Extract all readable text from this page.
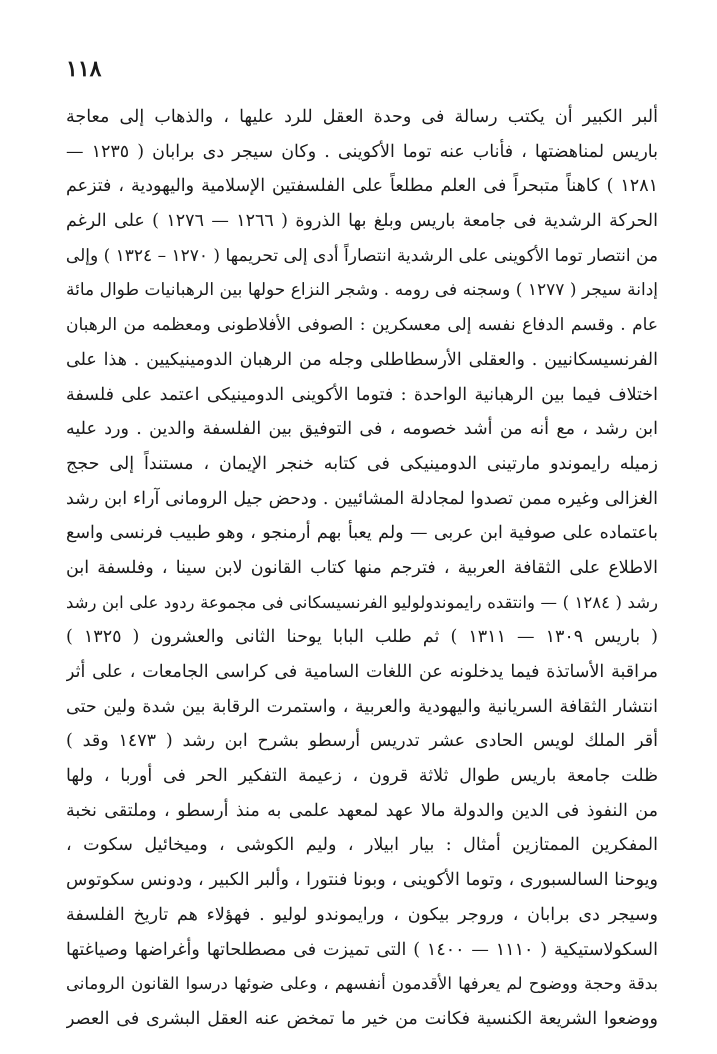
١١٨
ألبر الكبير أن يكتب رسالة فى وحدة العقل للرد عليها ، والذهاب إلى معاجة
باريس لمناهضتها ، فأناب عنه توما الأكوينى . وكان سيجر دى برابان ( ١٢٣٥ —
١٢٨١ ) كاهناً متبحراً فى العلم مطلعاً على الفلسفتين الإسلامية واليهودية ، فتزعم
الحركة الرشدية فى جامعة باريس وبلغ بها الذروة ( ١٢٦٦ — ١٢٧٦ ) على الرغم
من انتصار توما الأكوينى على الرشدية انتصاراً أدى إلى تحريمها ( ١٢٧٠ – ١٣٢٤ ) وإلى
إدانة سيجر ( ١٢٧٧ ) وسجنه فى رومه . وشجر النزاع حولها بين الرهبانيات طوال مائة
عام . وقسم الدفاع نفسه إلى معسكرين : الصوفى الأفلاطونى ومعظمه من الرهبان
الفرنسيسكانيين . والعقلى الأرسطاطلى وجله من الرهبان الدومينيكيين . هذا على
اختلاف فيما بين الرهبانية الواحدة : فتوما الأكوينى الدومينيكى اعتمد على فلسفة
ابن رشد ، مع أنه من أشد خصومه ، فى التوفيق بين الفلسفة والدين . ورد عليه
زميله رايموندو مارتينى الدومينيكى فى كتابه خنجر الإيمان ، مستنداً إلى حجج
الغزالى وغيره ممن تصدوا لمجادلة المشائيين . ودحض جيل الرومانى آراء ابن رشد
باعتماده على صوفية ابن عربى — ولم يعبأ بهم أرمنجو ، وهو طبيب فرنسى واسع
الاطلاع على الثقافة العربية ، فترجم منها كتاب القانون لابن سينا ، وفلسفة ابن
رشد ( ١٢٨٤ ) — وانتقده رايموندولوليو الفرنسيسكانى فى مجموعة ردود على ابن رشد
( باريس ١٣٠٩ — ١٣١١ ) ثم طلب البابا يوحنا الثانى والعشرون ( ١٣٢٥ )
مراقبة الأساتذة فيما يدخلونه عن اللغات السامية فى كراسى الجامعات ، على أثر
انتشار الثقافة السريانية واليهودية والعربية ، واستمرت الرقابة بين شدة ولين حتى
أقر الملك لويس الحادى عشر تدريس أرسطو بشرح ابن رشد ( ١٤٧٣ وقد )
ظلت جامعة باريس طوال ثلاثة قرون ، زعيمة التفكير الحر فى أوربا ، ولها
من النفوذ فى الدين والدولة مالا عهد لمعهد علمى به منذ أرسطو ، وملتقى نخبة
المفكرين الممتازين أمثال : بيار ابيلار ، ولیم الكوشى ، وميخائيل سكوت ،
ويوحنا السالسبورى ، وتوما الأكوينى ، وبونا فنتورا ، وألبر الكبير ، ودونس سكوتوس
وسيجر دى برابان ، وروجر بيكون ، ورايموندو لوليو . فهؤلاء هم تاريخ الفلسفة
السكولاستيكية ( ١١١٠ — ١٤٠٠ ) التى تميزت فى مصطلحاتها وأغراضها وصياغتها
بدقة وحجة ووضوح لم يعرفها الأقدمون أنفسهم ، وعلى ضوئها درسوا القانون الرومانى
ووضعوا الشريعة الكنسية فكانت من خير ما تمخض عنه العقل البشرى فى العصر
